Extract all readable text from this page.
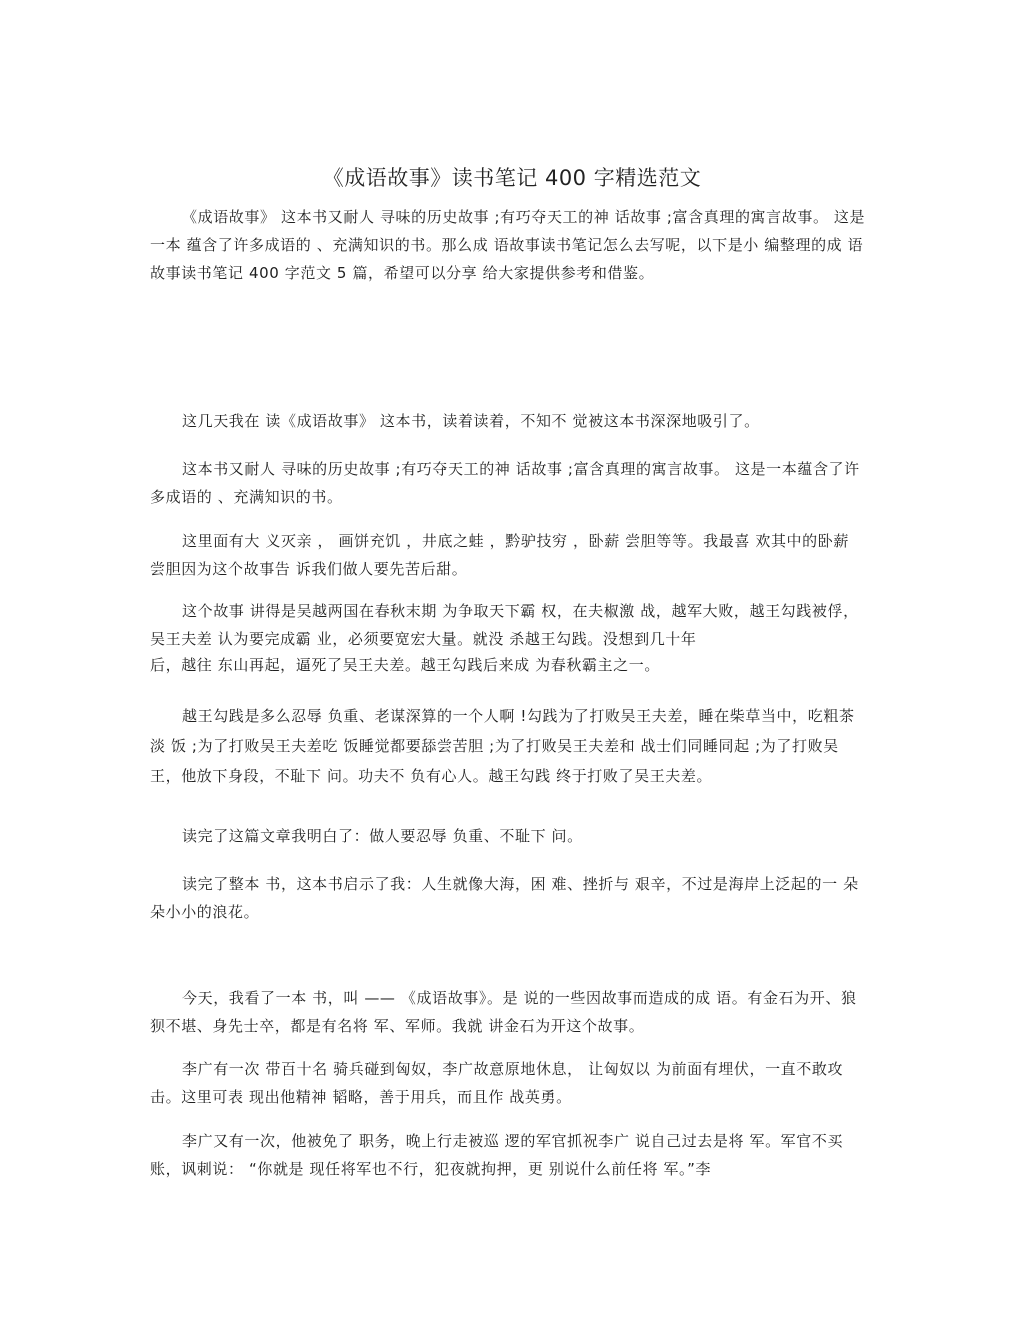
《成语故事》读书笔记 400 字精选范文

《成语故事》 这本书又耐人 寻味的历史故事 ;有巧夺天工的神 话故事 ;富含真理的寓言故事。 这是一本 蕴含了许多成语的 、充满知识的书。那么成 语故事读书笔记怎么去写呢，以下是小 编整理的成 语故事读书笔记 400 字范文 5 篇，希望可以分享 给大家提供参考和借鉴。

这几天我在 读《成语故事》 这本书，读着读着，不知不 觉被这本书深深地吸引了。

这本书又耐人 寻味的历史故事 ;有巧夺天工的神 话故事 ;富含真理的寓言故事。 这是一本蕴含了许多成语的 、充满知识的书。

这里面有大 义灭亲 ， 画饼充饥 ，井底之蛙 ，黔驴技穷 ，卧薪 尝胆等等。我最喜 欢其中的卧薪 尝胆因为这个故事告 诉我们做人要先苦后甜。

这个故事 讲得是吴越两国在春秋末期 为争取天下霸 权，在夫椒激 战，越军大败，越王勾践被俘，吴王夫差 认为要完成霸 业，必须要宽宏大量。就没 杀越王勾践。没想到几十年

后，越往 东山再起，逼死了吴王夫差。越王勾践后来成 为春秋霸主之一。

越王勾践是多么忍辱 负重、老谋深算的一个人啊 !勾践为了打败吴王夫差，睡在柴草当中，吃粗茶淡 饭 ;为了打败吴王夫差吃 饭睡觉都要舔尝苦胆 ;为了打败吴王夫差和 战士们同睡同起 ;为了打败吴王，他放下身段，不耻下 问。功夫不 负有心人。越王勾践 终于打败了吴王夫差。

读完了这篇文章我明白了：做人要忍辱 负重、不耻下 问。

读完了整本 书，这本书启示了我：人生就像大海，困 难、挫折与 艰辛，不过是海岸上泛起的一 朵朵小小的浪花。

今天，我看了一本 书，叫 —— 《成语故事》。是 说的一些因故事而造成的成 语。有金石为开、狼狈不堪、身先士卒，都是有名将 军、军师。我就 讲金石为开这个故事。

李广有一次 带百十名 骑兵碰到匈奴，李广故意原地休息， 让匈奴以 为前面有埋伏，一直不敢攻 击。这里可表 现出他精神 韬略，善于用兵，而且作 战英勇。

李广又有一次，他被免了 职务，晚上行走被巡 逻的军官抓祝李广 说自己过去是将 军。军官不买账，讽刺说： “你就是 现任将军也不行，犯夜就拘押，更 别说什么前任将 军。”李
